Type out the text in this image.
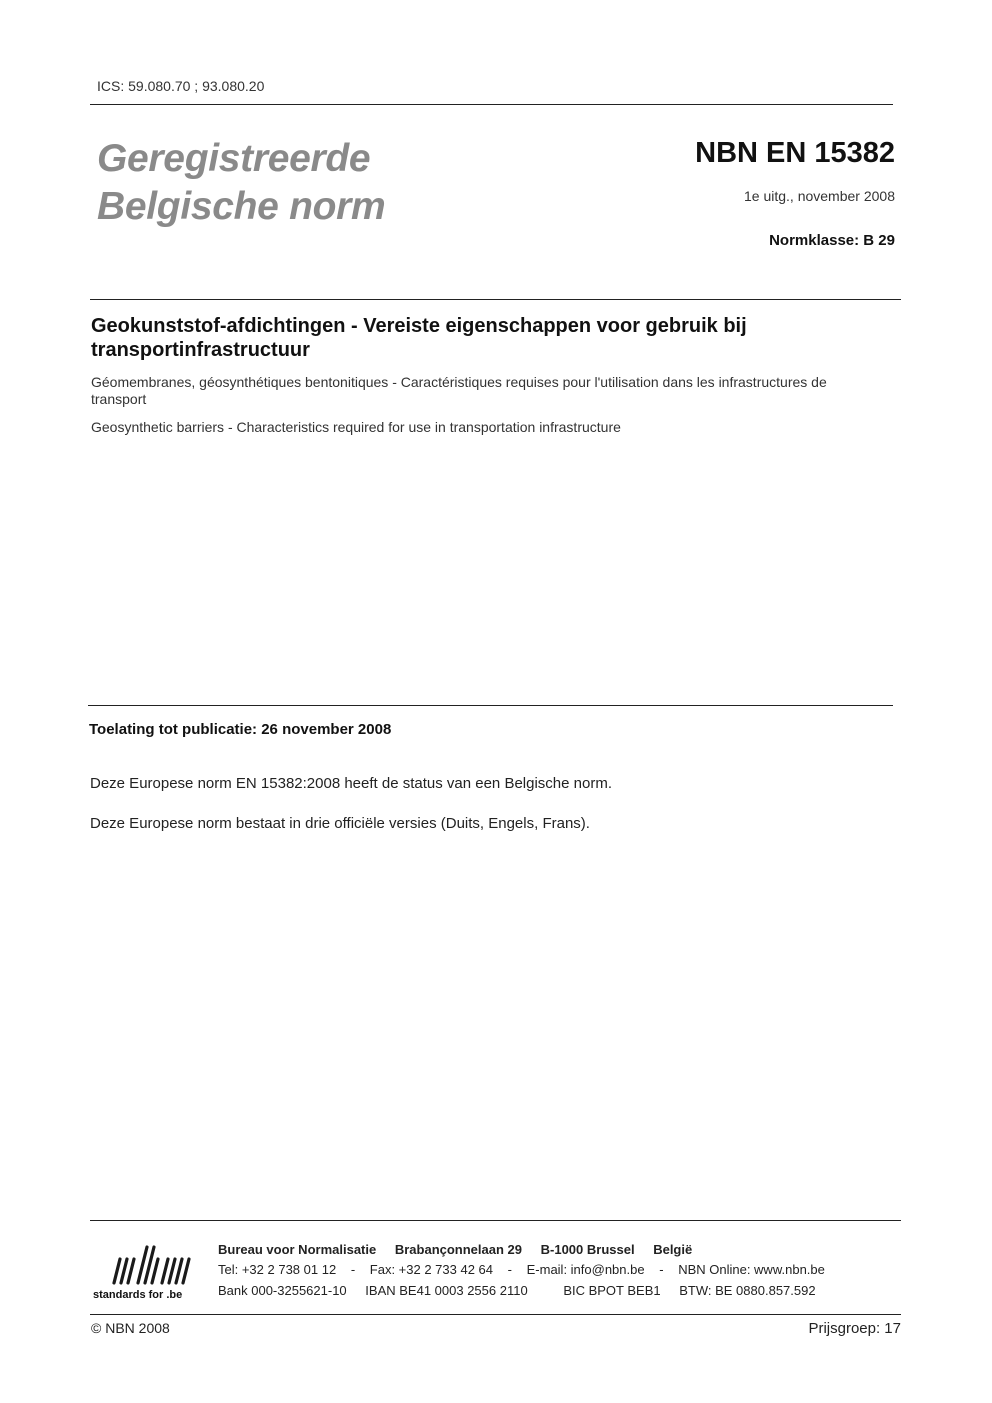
ICS: 59.080.70 ; 93.080.20
Geregistreerde
Belgische norm
NBN EN 15382
1e uitg., november 2008
Normklasse: B 29
Geokunststof-afdichtingen - Vereiste eigenschappen voor gebruik bij transportinfrastructuur
Géomembranes, géosynthétiques bentonitiques - Caractéristiques requises pour l'utilisation dans les infrastructures de transport
Geosynthetic barriers - Characteristics required for use in transportation infrastructure
Toelating tot publicatie: 26 november 2008
Deze Europese norm EN 15382:2008 heeft de status van een Belgische norm.
Deze Europese norm bestaat in drie officiële versies (Duits, Engels, Frans).
standards for .be
Bureau voor Normalisatie Brabançonnelaan 29 B-1000 Brussel België
Tel: +32 2 738 01 12 - Fax: +32 2 733 42 64 - E-mail: info@nbn.be - NBN Online: www.nbn.be
Bank 000-3255621-10 IBAN BE41 0003 2556 2110	BIC BPOT BEB1 BTW: BE 0880.857.592
© NBN 2008	Prijsgroep: 17
